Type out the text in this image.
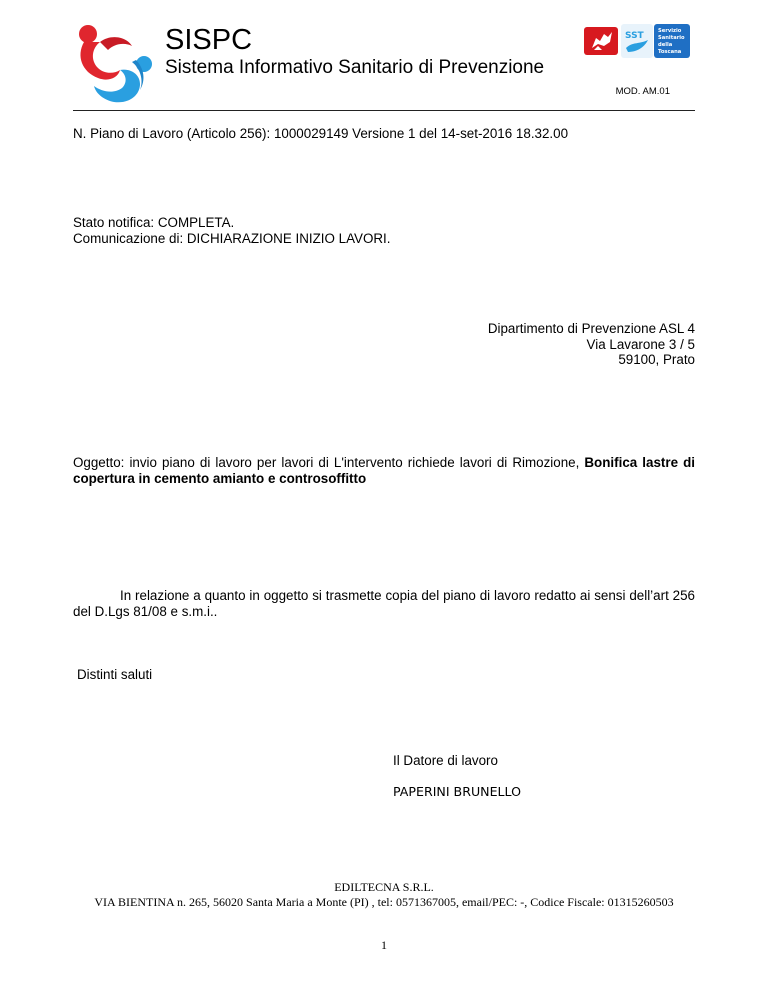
SISPC
Sistema Informativo Sanitario di Prevenzione
SST	Servizio
Sanitario
della
Toscana
MOD. AM.01
N. Piano di Lavoro (Articolo 256): 1000029149 Versione 1 del 14-set-2016 18.32.00
Stato notifica: COMPLETA.
Comunicazione di: DICHIARAZIONE INIZIO LAVORI.
Dipartimento di Prevenzione ASL 4
Via Lavarone 3 / 5
59100, Prato
Oggetto: invio piano di lavoro per lavori di L'intervento richiede lavori di Rimozione, Bonifica lastre di copertura in cemento amianto e controsoffitto
In relazione a quanto in oggetto si trasmette copia del piano di lavoro redatto ai sensi dell’art 256 del D.Lgs 81/08 e s.m.i..
Distinti saluti
Il Datore di lavoro
PAPERINI BRUNELLO
EDILTECNA S.R.L.
VIA BIENTINA n. 265, 56020 Santa Maria a Monte (PI) , tel: 0571367005, email/PEC: -, Codice Fiscale: 01315260503
1
